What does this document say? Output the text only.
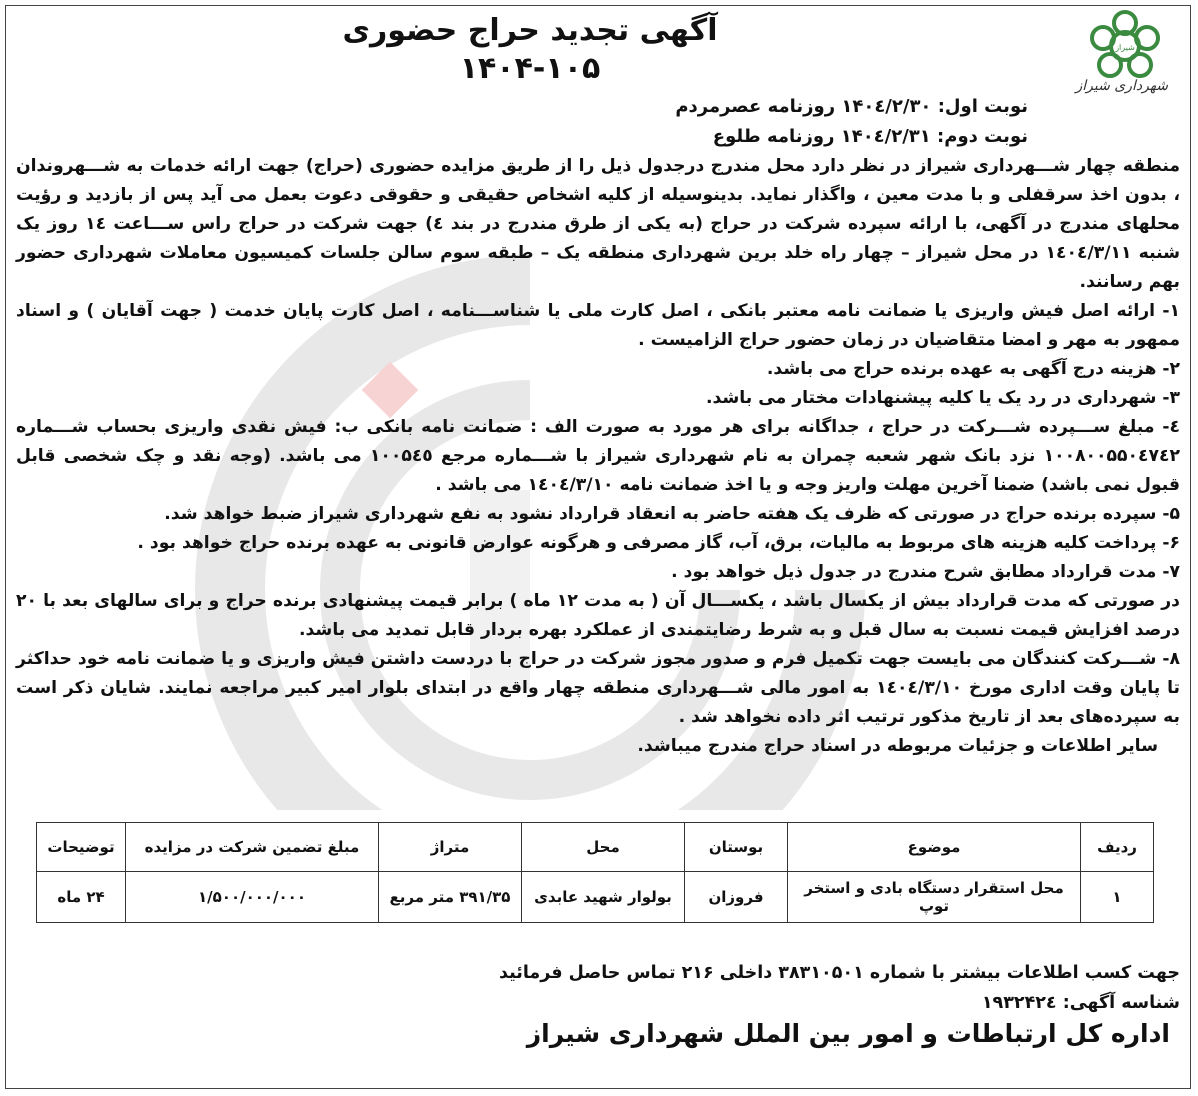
شیراز
شهرداری شیراز
آگهی تجدید حراج حضوری
۱۴۰۴-۱۰۵
نوبت اول: ۱۴۰٤/۲/۳۰ روزنامه عصرمردم
نوبت دوم: ۱۴۰٤/۲/۳۱ روزنامه طلوع

منطقه چهار شـــهرداری شیراز در نظر دارد محل مندرج درجدول ذیل را از طریق مزایده حضوری (حراج) جهت ارائه خدمات به شـــهروندان ، بدون اخذ سرقفلی و با مدت معین ، واگذار نماید. بدینوسیله از کلیه اشخاص حقیقی و حقوقی دعوت بعمل می آید پس از بازدید و رؤیت محلهای مندرج در آگهی، با ارائه سپرده شرکت در حراج (به یکی از طرق مندرج در بند ٤) جهت شرکت در حراج راس ســـاعت ١٤ روز یک شنبه ۱٤۰٤/۳/۱۱ در محل شیراز – چهار راه خلد برین شهرداری منطقه یک – طبقه سوم سالن جلسات کمیسیون معاملات شهرداری حضور بهم رسانند.

۱- ارائه اصل فیش واریزی یا ضمانت نامه معتبر بانکی ، اصل کارت ملی یا شناســـنامه ، اصل کارت پایان خدمت ( جهت آقایان ) و اسناد ممهور به مهر و امضا متقاضیان در زمان حضور حراج الزامیست .

۲- هزینه درج آگهی به عهده برنده حراج می باشد.

۳- شهرداری در رد یک یا کلیه پیشنهادات مختار می باشد.

٤- مبلغ ســـپرده شـــرکت در حراج ، جداگانه برای هر مورد به صورت الف : ضمانت نامه بانکی ب: فیش نقدی واریزی بحساب شـــماره ۱۰۰۸۰۰۵۵۰٤۷٤۲ نزد بانک شهر شعبه چمران به نام شهرداری شیراز با شـــماره مرجع ۱۰۰۵٤٥ می باشد. (وجه نقد و چک شخصی قابل قبول نمی باشد) ضمنا آخرین مهلت واریز وجه و یا اخذ ضمانت نامه ۱٤۰٤/۳/۱۰ می باشد .

۵- سپرده برنده حراج در صورتی که ظرف یک هفته حاضر به انعقاد قرارداد نشود به نفع شهرداری شیراز ضبط خواهد شد.

۶- پرداخت کلیه هزینه های مربوط به مالیات، برق، آب، گاز مصرفی و هرگونه عوارض قانونی به عهده برنده حراج خواهد بود .

۷- مدت قرارداد مطابق شرح مندرج در جدول ذیل خواهد بود .

در صورتی که مدت قرارداد بیش از یکسال باشد ، یکســـال آن ( به مدت ۱۲ ماه ) برابر قیمت پیشنهادی برنده حراج و برای سالهای بعد با ۲۰ درصد افزایش قیمت نسبت به سال قبل و به شرط رضایتمندی از عملکرد بهره بردار قابل تمدید می باشد.

۸- شـــرکت کنندگان می بایست جهت تکمیل فرم و صدور مجوز شرکت در حراج با دردست داشتن فیش واریزی و یا ضمانت نامه خود حداکثر تا پایان وقت اداری مورخ ۱٤۰٤/۳/۱۰ به امور مالی شـــهرداری منطقه چهار واقع در ابتدای بلوار امیر کبیر مراجعه نمایند. شایان ذکر است به سپرده‌های بعد از تاریخ مذکور ترتیب اثر داده نخواهد شد .

سایر اطلاعات و جزئیات مربوطه در اسناد حراج مندرج میباشد.

ردیف	موضوع	بوستان	محل	متراژ	مبلغ تضمین شرکت در مزایده	توضیحات
۱	محل استقرار دستگاه بادی و استخر توپ	فروزان	بولوار شهید عابدی	۳۹۱/۳۵ متر مربع	۱/۵۰۰/۰۰۰/۰۰۰	۲۴ ماه
جهت کسب اطلاعات بیشتر با شماره ۳۸۳۱۰۵۰۱ داخلی ۲۱۶ تماس حاصل فرمائید
شناسه آگهی: ۱۹۳۲۴۲٤
اداره کل ارتباطات و امور بین الملل شهرداری شیراز
